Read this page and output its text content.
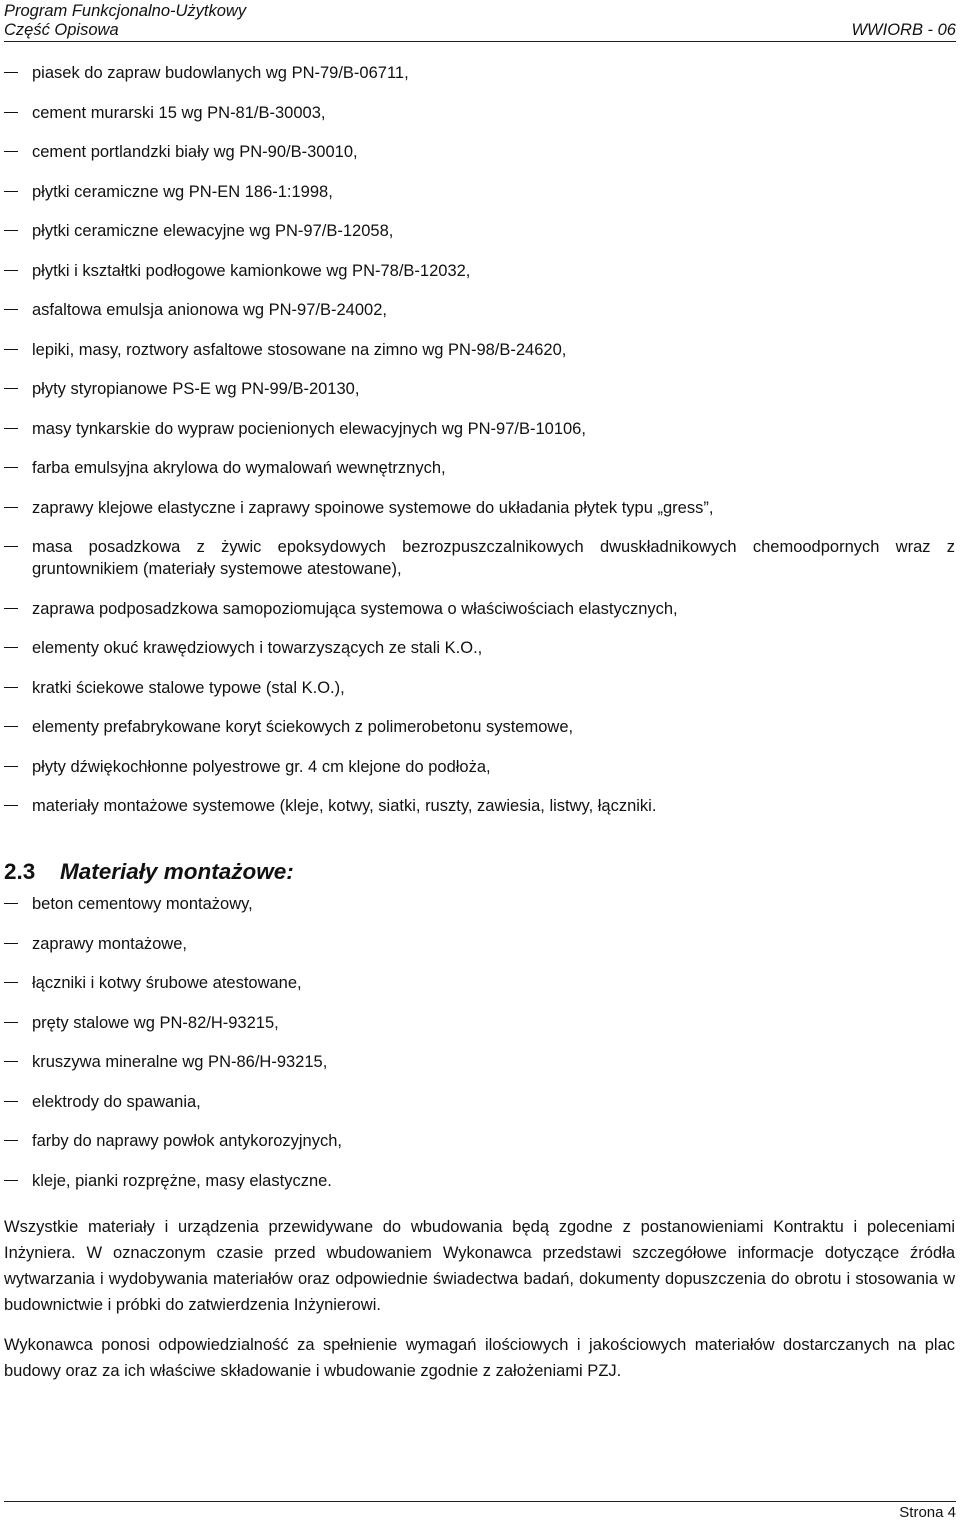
Program Funkcjonalno-Użytkowy
Część Opisowa	WWIORB - 06
piasek do zapraw budowlanych wg PN-79/B-06711,
cement murarski 15 wg PN-81/B-30003,
cement portlandzki biały wg PN-90/B-30010,
płytki ceramiczne wg PN-EN 186-1:1998,
płytki ceramiczne elewacyjne wg PN-97/B-12058,
płytki i kształtki podłogowe kamionkowe wg PN-78/B-12032,
asfaltowa emulsja anionowa wg PN-97/B-24002,
lepiki, masy, roztwory asfaltowe stosowane na zimno wg PN-98/B-24620,
płyty styropianowe PS-E wg PN-99/B-20130,
masy tynkarskie do wypraw pocienionych elewacyjnych wg PN-97/B-10106,
farba emulsyjna akrylowa do wymalowań wewnętrznych,
zaprawy klejowe elastyczne i zaprawy spoinowe systemowe do układania płytek typu „gress”,
masa posadzkowa z żywic epoksydowych bezrozpuszczalnikowych dwuskładnikowych chemoodpornych wraz z gruntownikiem (materiały systemowe atestowane),
zaprawa podposadzkowa samopoziomująca systemowa o właściwościach elastycznych,
elementy okuć krawędziowych i towarzyszących ze stali K.O.,
kratki ściekowe stalowe typowe (stal K.O.),
elementy prefabrykowane koryt ściekowych z polimerobetonu systemowe,
płyty dźwiękochłonne polyestrowe gr. 4 cm klejone do podłoża,
materiały montażowe systemowe (kleje, kotwy, siatki, ruszty, zawiesia, listwy, łączniki.
2.3 Materiały montażowe:
beton cementowy montażowy,
zaprawy montażowe,
łączniki i kotwy śrubowe atestowane,
pręty stalowe wg PN-82/H-93215,
kruszywa mineralne wg PN-86/H-93215,
elektrody do spawania,
farby do naprawy powłok antykorozyjnych,
kleje, pianki rozprężne, masy elastyczne.

Wszystkie materiały i urządzenia przewidywane do wbudowania będą zgodne z postanowieniami Kontraktu i poleceniami Inżyniera. W oznaczonym czasie przed wbudowaniem Wykonawca przedstawi szczegółowe informacje dotyczące źródła wytwarzania i wydobywania materiałów oraz odpowiednie świadectwa badań, dokumenty dopuszczenia do obrotu i stosowania w budownictwie i próbki do zatwierdzenia Inżynierowi.

Wykonawca ponosi odpowiedzialność za spełnienie wymagań ilościowych i jakościowych materiałów dostarczanych na plac budowy oraz za ich właściwe składowanie i wbudowanie zgodnie z założeniami PZJ.

Strona 4
